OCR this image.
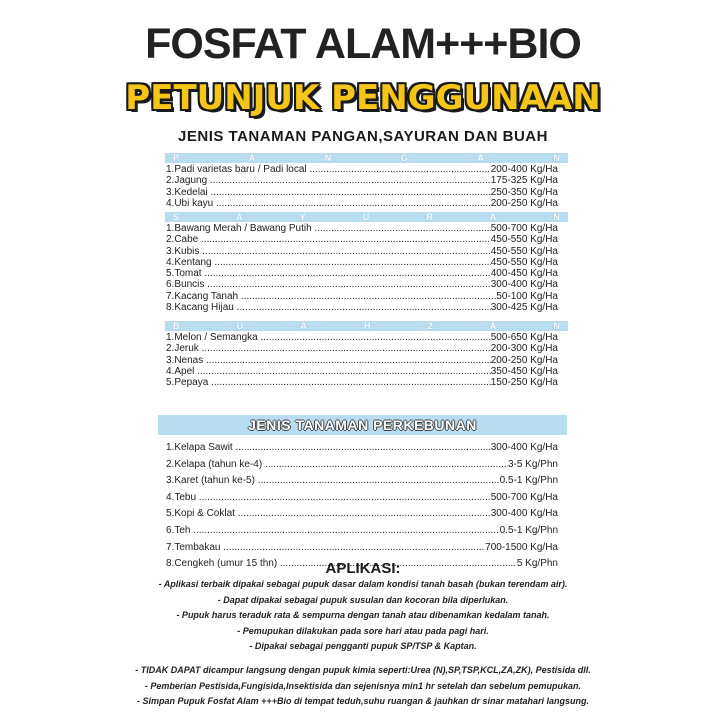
FOSFAT ALAM+++BIO
PETUNJUK PENGGUNAAN
JENIS TANAMAN PANGAN,SAYURAN DAN BUAH
P	A	N	G	A	N
1.Padi varietas baru / Padi local .....	200-400 Kg/Ha
2.Jagung .....	175-325 Kg/Ha
3.Kedelai .....	250-350 Kg/Ha
4.Ubi kayu .....	200-250 Kg/Ha
S	A	Y	U	R	A	N
1.Bawang Merah / Bawang Putih .....	500-700 Kg/Ha
2.Cabe .....	450-550 Kg/Ha
3.Kubis .....	450-550 Kg/Ha
4.Kentang .....	450-550 Kg/Ha
5.Tomat .....	400-450 Kg/Ha
6.Buncis .....	300-400 Kg/Ha
7.Kacang Tanah .....	50-100 Kg/Ha
8.Kacang Hijau .....	300-425 Kg/Ha
B	U	A	H	2	A	N
1.Melon / Semangka .....	500-650 Kg/Ha
2.Jeruk .....	200-300 Kg/Ha
3.Nenas .....	200-250 Kg/Ha
4.Apel .....	350-450 Kg/Ha
5.Pepaya .....	150-250 Kg/Ha
JENIS TANAMAN PERKEBUNAN
1.Kelapa Sawit .....	300-400 Kg/Ha
2.Kelapa (tahun ke-4) .....	3-5 Kg/Phn
3.Karet (tahun ke-5) .....	0.5-1 Kg/Phn
4.Tebu .....	500-700 Kg/Ha
5.Kopi & Coklat .....	300-400 Kg/Ha
6.Teh .....	0.5-1 Kg/Phn
7.Tembakau .....	700-1500 Kg/Ha
8.Cengkeh (umur 15 thn) .....	5 Kg/Phn
APLIKASI:
- Aplikasi terbaik dipakai sebagai pupuk dasar dalam kondisi tanah basah (bukan terendam air).
- Dapat dipakai sebagai pupuk susulan dan kocoran bila diperlukan.
- Pupuk harus teraduk rata & sempurna dengan tanah atau dibenamkan kedalam tanah.
- Pemupukan dilakukan pada sore hari atau pada pagi hari.
- Dipakai sebagai pengganti pupuk SP/TSP & Kaptan.
- TIDAK DAPAT dicampur langsung dengan pupuk kimia seperti:Urea (N),SP,TSP,KCL,ZA,ZK), Pestisida dll.
- Pemberian Pestisida,Fungisida,Insektisida dan sejenisnya min1 hr setelah dan sebelum pemupukan.
- Simpan Pupuk Fosfat Alam +++Bio di tempat teduh,suhu ruangan & jauhkan dr sinar matahari langsung.
